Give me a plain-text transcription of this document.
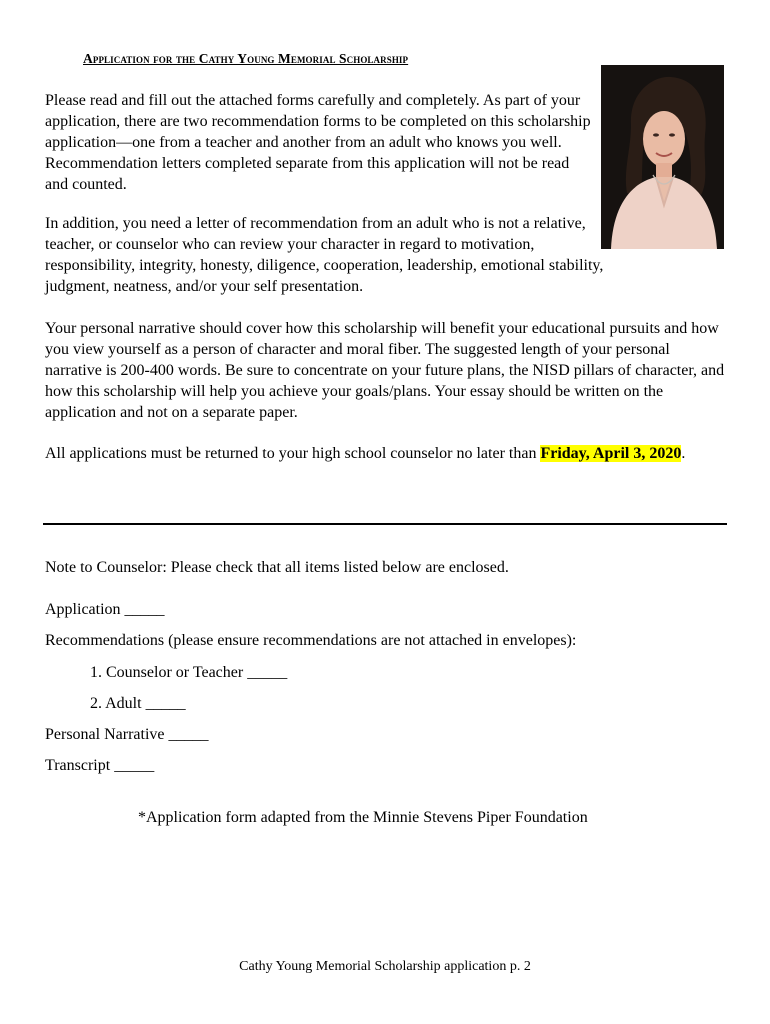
Application for the Cathy Young Memorial Scholarship

Please read and fill out the attached forms carefully and completely. As part of your application, there are two recommendation forms to be completed on this scholarship application—one from a teacher and another from an adult who knows you well. Recommendation letters completed separate from this application will not be read and counted.

In addition, you need a letter of recommendation from an adult who is not a relative, teacher, or counselor who can review your character in regard to motivation, responsibility, integrity, honesty, diligence, cooperation, leadership, emotional stability, judgment, neatness, and/or your self presentation.

Your personal narrative should cover how this scholarship will benefit your educational pursuits and how you view yourself as a person of character and moral fiber. The suggested length of your personal narrative is 200-400 words. Be sure to concentrate on your future plans, the NISD pillars of character, and how this scholarship will help you achieve your goals/plans. Your essay should be written on the application and not on a separate paper.

All applications must be returned to your high school counselor no later than Friday, April 3, 2020.

Note to Counselor: Please check that all items listed below are enclosed.

Application _____

Recommendations (please ensure recommendations are not attached in envelopes):

1. Counselor or Teacher _____

2. Adult _____

Personal Narrative _____

Transcript _____

*Application form adapted from the Minnie Stevens Piper Foundation

Cathy Young Memorial Scholarship application p. 2
